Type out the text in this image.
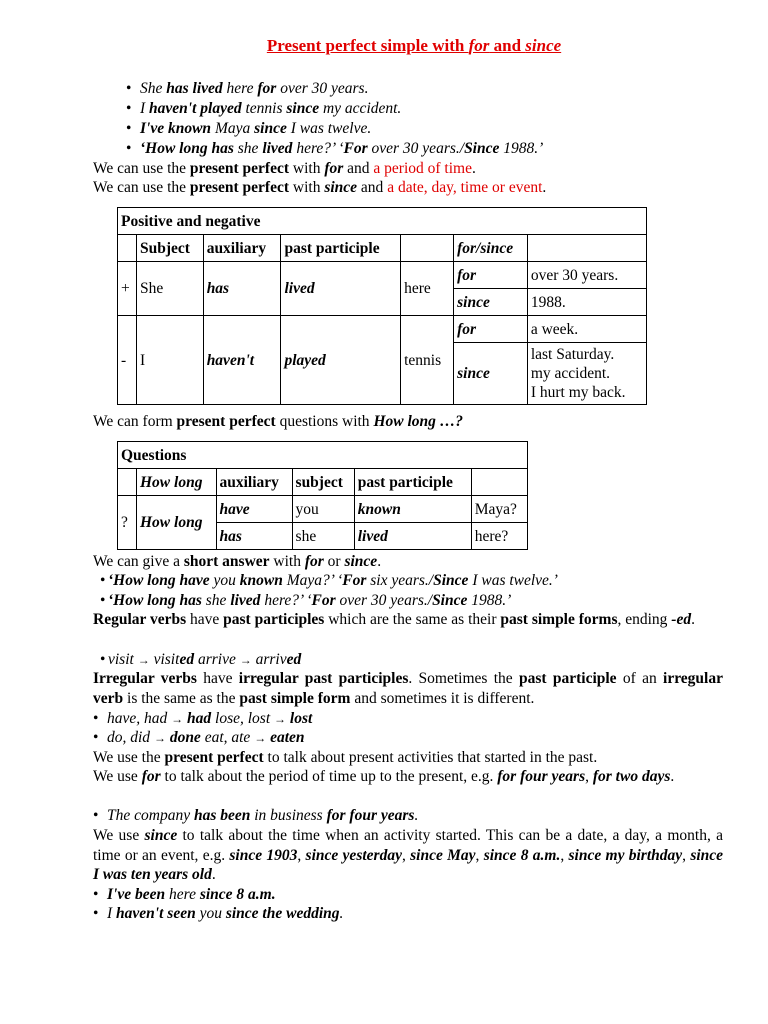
Present perfect simple with for and since
• She has lived here for over 30 years.
• I haven't played tennis since my accident.
• I've known Maya since I was twelve.
• ‘How long has she lived here?’ ‘For over 30 years./Since 1988.’
We can use the present perfect with for and a period of time.
We can use the present perfect with since and a date, day, time or event.
Positive and negative						
	Subject	auxiliary	past participle		for/since	
+	She	has	lived	here	for	over 30 years.
					since	1988.
-	I	haven't	played	tennis	for	a week.
					since	last Saturday.
my accident.
I hurt my back.
We can form present perfect questions with How long …?
Questions					
	How long	auxiliary	subject	past participle	
?	How long	have	you	known	Maya?
		has	she	lived	here?
We can give a short answer with for or since.
• ‘How long have you known Maya?’ ‘For six years./Since I was twelve.’
• ‘How long has she lived here?’ ‘For over 30 years./Since 1988.’
Regular verbs have past participles which are the same as their past simple forms, ending -ed.
• visit → visited arrive → arrived
Irregular verbs have irregular past participles. Sometimes the past participle of an irregular verb is the same as the past simple form and sometimes it is different.
• have, had → had lose, lost → lost
• do, did → done eat, ate → eaten
We use the present perfect to talk about present activities that started in the past.
We use for to talk about the period of time up to the present, e.g. for four years, for two days.
• The company has been in business for four years.
We use since to talk about the time when an activity started. This can be a date, a day, a month, a time or an event, e.g. since 1903, since yesterday, since May, since 8 a.m., since my birthday, since I was ten years old.
• I've been here since 8 a.m.
• I haven't seen you since the wedding.
